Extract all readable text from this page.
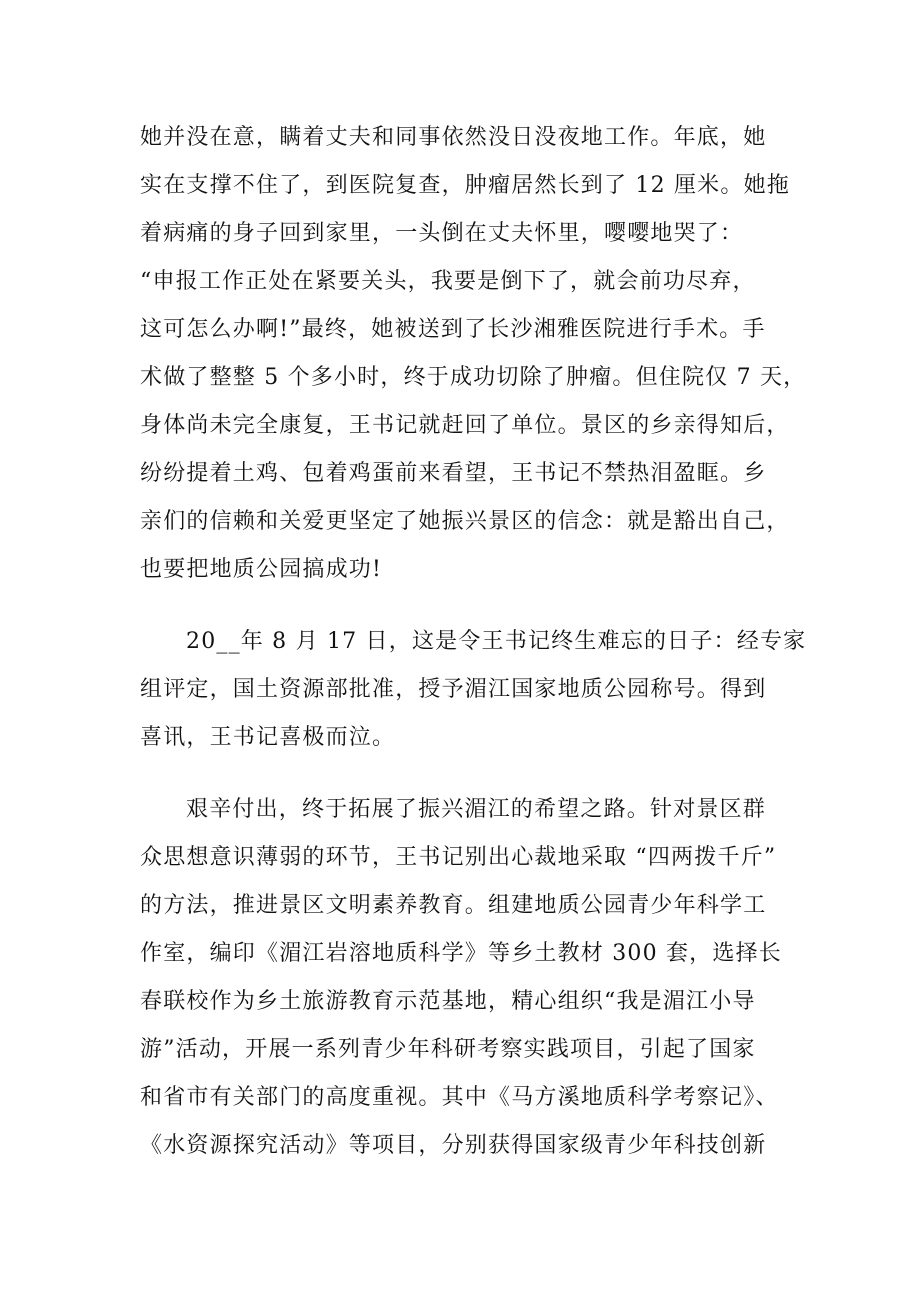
她并没在意，瞒着丈夫和同事依然没日没夜地工作。年底，她
实在支撑不住了，到医院复查，肿瘤居然长到了 12 厘米。她拖
着病痛的身子回到家里，一头倒在丈夫怀里，嘤嘤地哭了：
“申报工作正处在紧要关头，我要是倒下了，就会前功尽弃，
这可怎么办啊!”最终，她被送到了长沙湘雅医院进行手术。手
术做了整整 5 个多小时，终于成功切除了肿瘤。但住院仅 7 天，
身体尚未完全康复，王书记就赶回了单位。景区的乡亲得知后，
纷纷提着土鸡、包着鸡蛋前来看望，王书记不禁热泪盈眶。乡
亲们的信赖和关爱更坚定了她振兴景区的信念：就是豁出自己，
也要把地质公园搞成功!
20__年 8 月 17 日，这是令王书记终生难忘的日子：经专家
组评定，国土资源部批准，授予湄江国家地质公园称号。得到
喜讯，王书记喜极而泣。
艰辛付出，终于拓展了振兴湄江的希望之路。针对景区群
众思想意识薄弱的环节，王书记别出心裁地采取 “四两拨千斤”
的方法，推进景区文明素养教育。组建地质公园青少年科学工
作室，编印《湄江岩溶地质科学》等乡土教材 300 套，选择长
春联校作为乡土旅游教育示范基地，精心组织“我是湄江小导
游”活动，开展一系列青少年科研考察实践项目，引起了国家
和省市有关部门的高度重视。其中《马方溪地质科学考察记》、
《水资源探究活动》等项目，分别获得国家级青少年科技创新
